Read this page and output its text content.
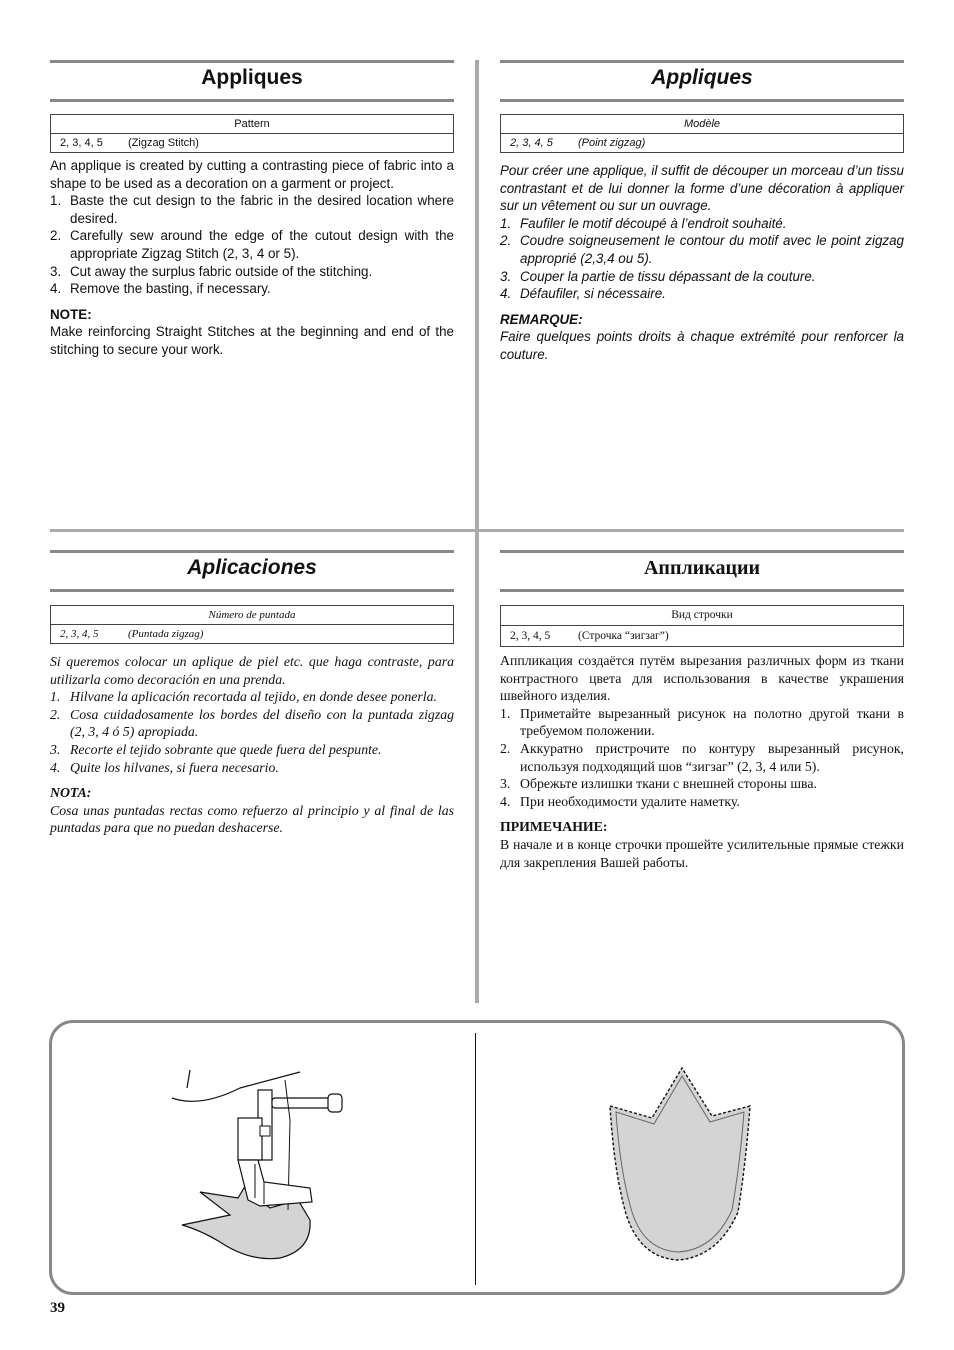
Appliques
Pattern
2, 3, 4, 5 (Zigzag Stitch)

An applique is created by cutting a contrasting piece of fabric into a shape to be used as a decoration on a garment or project.

1. Baste the cut design to the fabric in the desired location where desired.
2. Carefully sew around the edge of the cutout design with the appropriate Zigzag Stitch (2, 3, 4 or 5).
3. Cut away the surplus fabric outside of the stitching.
4. Remove the basting, if necessary.

NOTE:

Make reinforcing Straight Stitches at the beginning and end of the stitching to secure your work.

Appliques
Modèle
2, 3, 4, 5 (Point zigzag)

Pour créer une applique, il suffit de découper un morceau d’un tissu contrastant et de lui donner la forme d’une décoration à appliquer sur un vêtement ou sur un ouvrage.

1. Faufiler le motif découpé à l’endroit souhaité.
2. Coudre soigneusement le contour du motif avec le point zigzag approprié (2,3,4 ou 5).
3. Couper la partie de tissu dépassant de la couture.
4. Défaufiler, si nécessaire.

REMARQUE:

Faire quelques points droits à chaque extrémité pour renforcer la couture.

Aplicaciones
Número de puntada
2, 3, 4, 5	(Puntada zigzag)

Si queremos colocar un aplique de piel etc. que haga contraste, para utilizarla como decoración en una prenda.

1. Hilvane la aplicación recortada al tejido, en donde desee ponerla.
2. Cosa cuidadosamente los bordes del diseño con la puntada zigzag (2, 3, 4 ó 5) apropiada.
3. Recorte el tejido sobrante que quede fuera del pespunte.
4. Quite los hilvanes, si fuera necesario.

NOTA:

Cosa unas puntadas rectas como refuerzo al principio y al final de las puntadas para que no puedan deshacerse.

Аппликации
Вид строчки
2, 3, 4, 5 (Строчка “зигзаг”)

Аппликация создаётся путём вырезания различных форм из ткани контрастного цвета для использования в качестве украшения швейного изделия.

1. Приметайте вырезанный рисунок на полотно другой ткани в требуемом положении.
2. Аккуратно пристрочите по контуру вырезанный рисунок, используя подходящий шов “зигзаг” (2, 3, 4 или 5).
3. Обрежьте излишки ткани с внешней стороны шва.
4. При необходимости удалите наметку.

ПРИМЕЧАНИЕ:

В начале и в конце строчки прошейте усилительные прямые стежки для закрепления Вашей работы.

39
